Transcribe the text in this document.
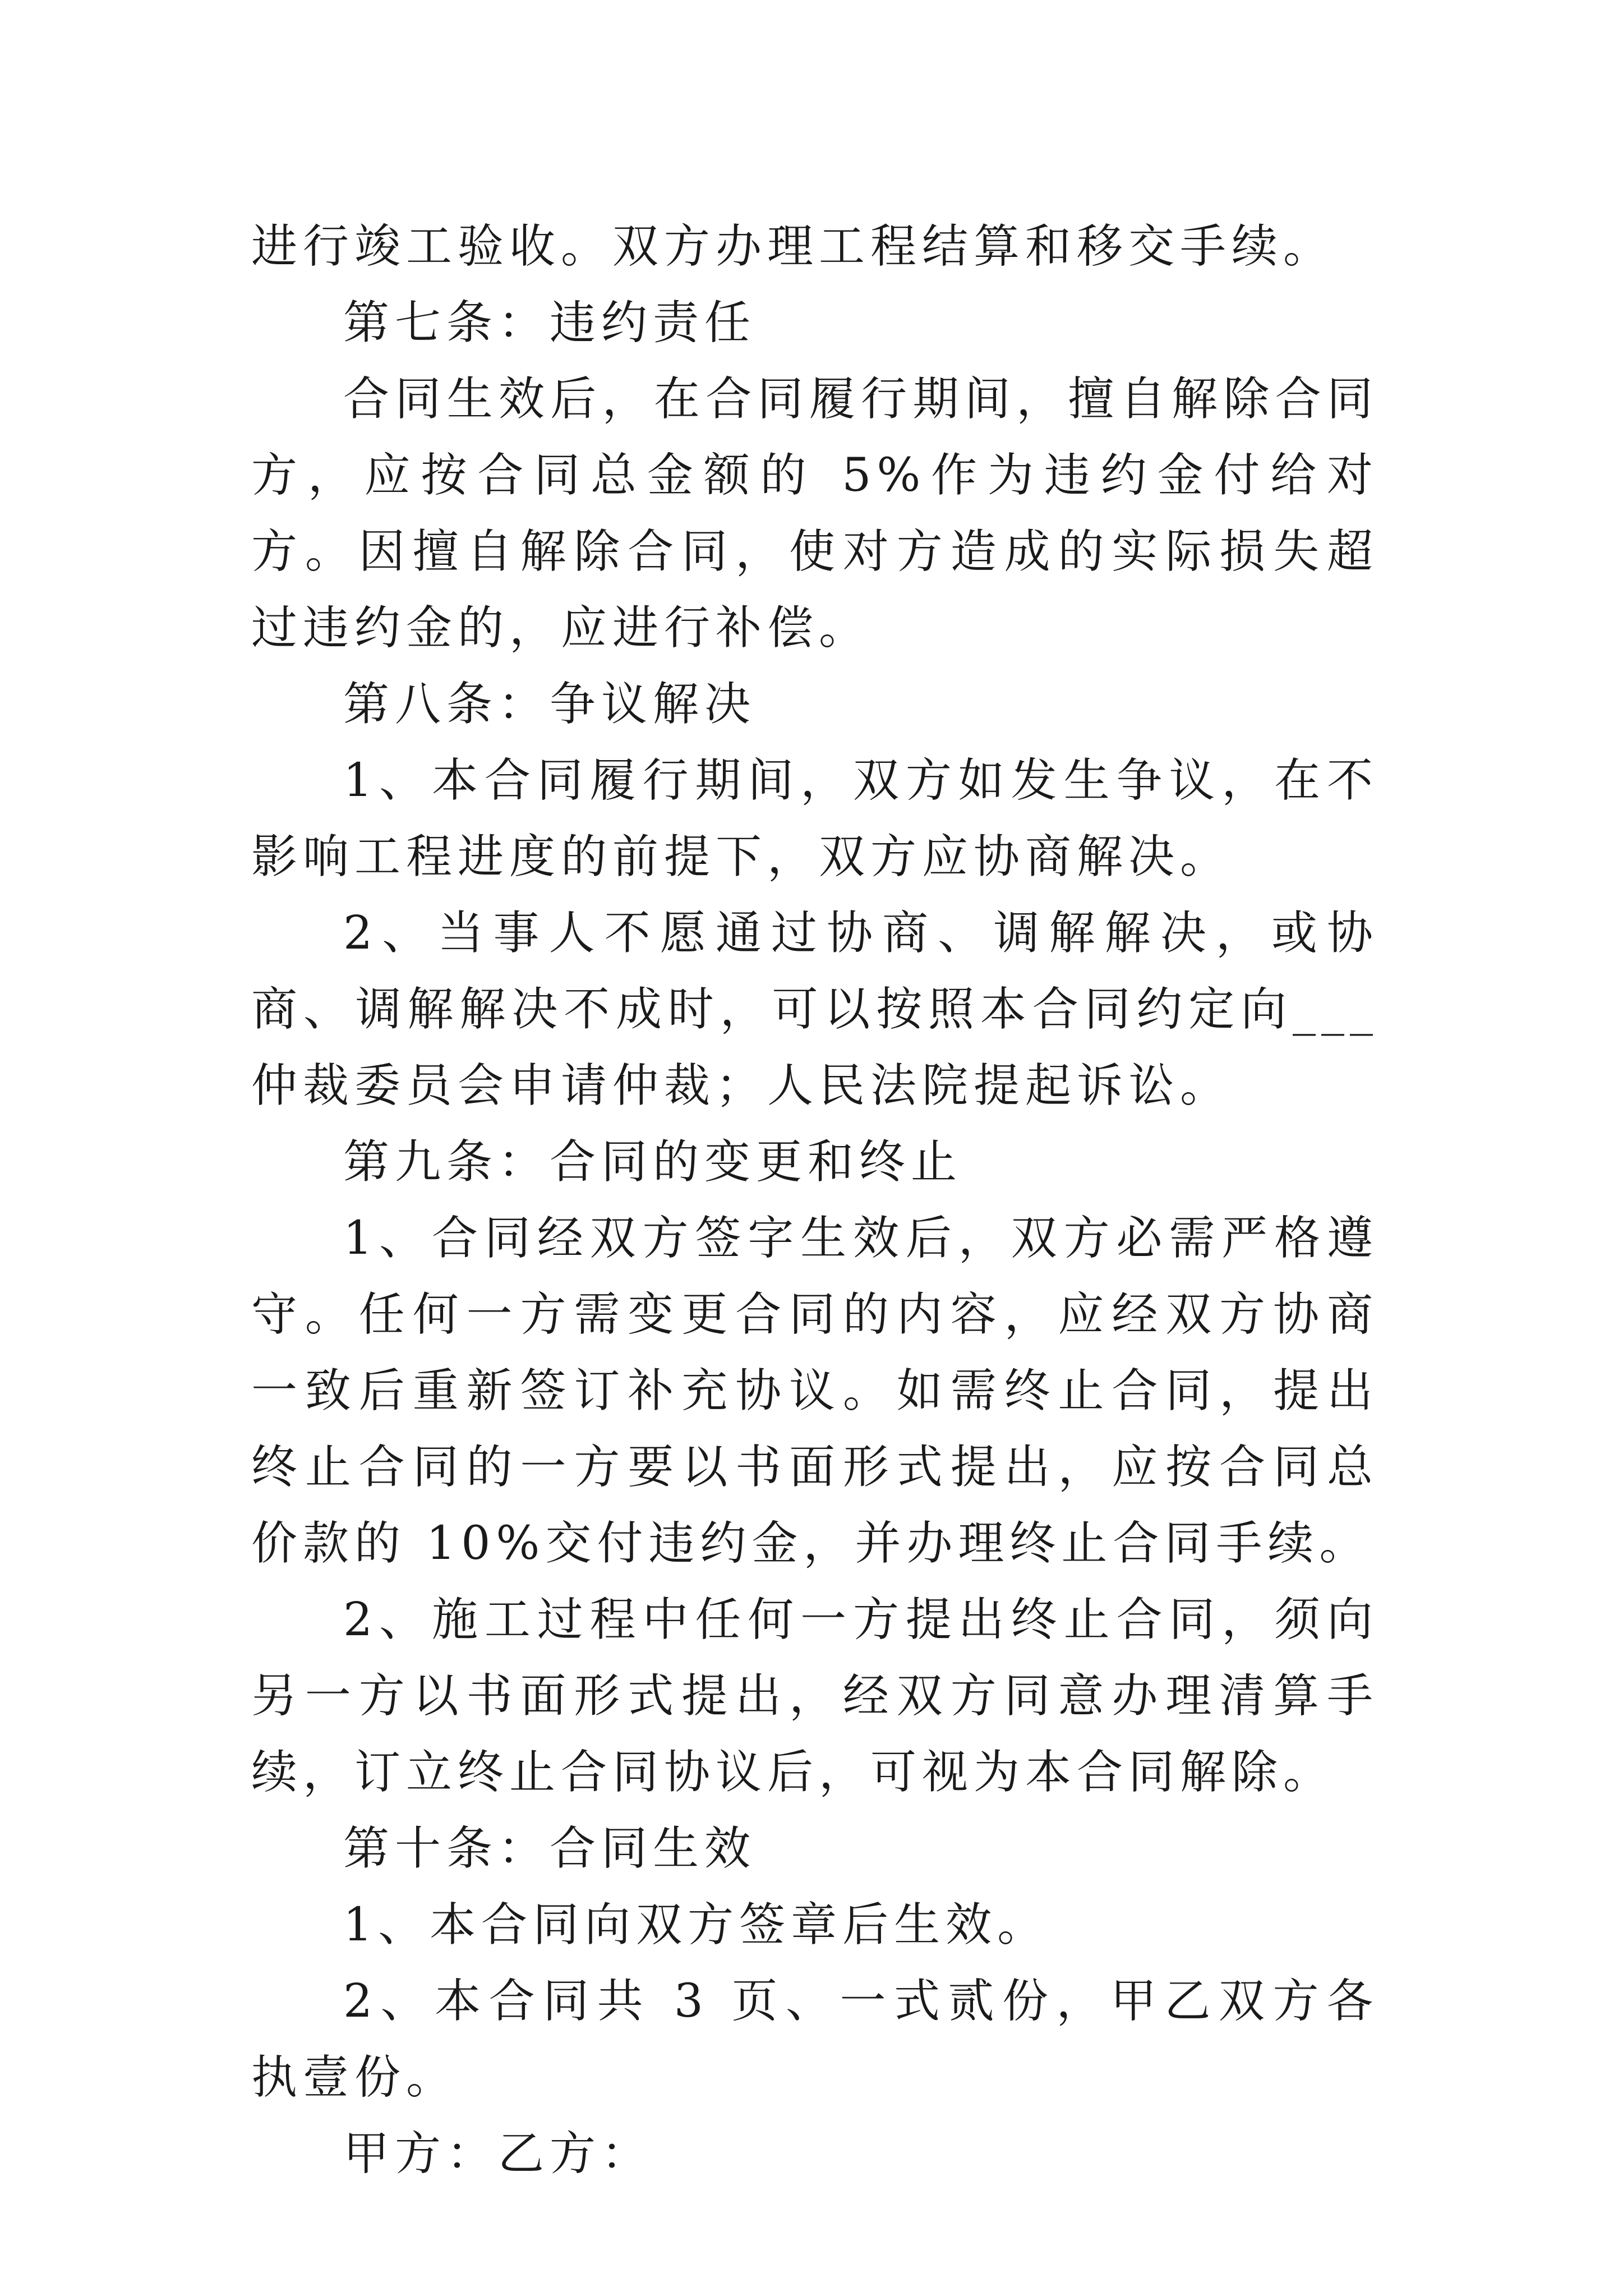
进行竣工验收。双方办理工程结算和移交手续。

第七条：违约责任

合同生效后，在合同履行期间，擅自解除合同方，应按合同总金额的 5%作为违约金付给对方。因擅自解除合同，使对方造成的实际损失超过违约金的，应进行补偿。

第八条：争议解决

1、本合同履行期间，双方如发生争议，在不影响工程进度的前提下，双方应协商解决。

2、当事人不愿通过协商、调解解决，或协商、调解解决不成时，可以按照本合同约定向___仲裁委员会申请仲裁；人民法院提起诉讼。

第九条：合同的变更和终止

1、合同经双方签字生效后，双方必需严格遵守。任何一方需变更合同的内容，应经双方协商一致后重新签订补充协议。如需终止合同，提出终止合同的一方要以书面形式提出，应按合同总价款的 10%交付违约金，并办理终止合同手续。

2、施工过程中任何一方提出终止合同，须向另一方以书面形式提出，经双方同意办理清算手续，订立终止合同协议后，可视为本合同解除。

第十条：合同生效

1、本合同向双方签章后生效。

2、本合同共 3 页、一式贰份，甲乙双方各执壹份。

甲方：乙方：
